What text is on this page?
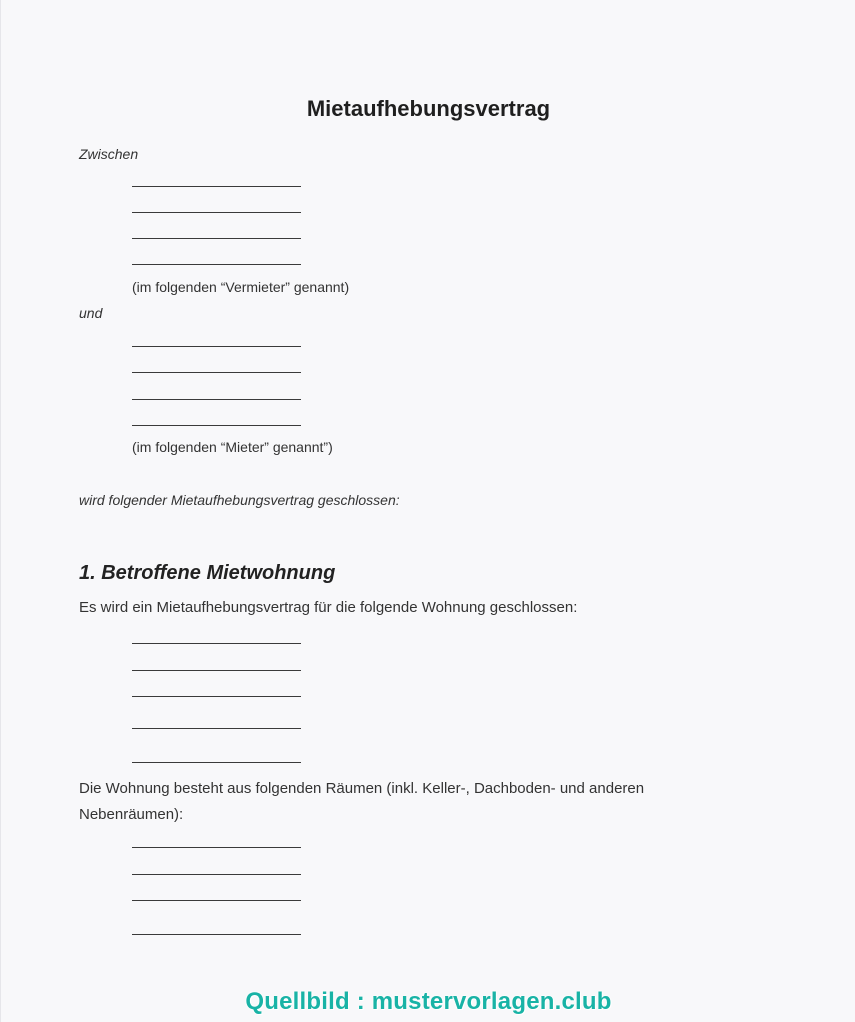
Mietaufhebungsvertrag
Zwischen
(im folgenden “Vermieter” genannt)
und
(im folgenden “Mieter” genannt”)
wird folgender Mietaufhebungsvertrag geschlossen:
1. Betroffene Mietwohnung
Es wird ein Mietaufhebungsvertrag für die folgende Wohnung geschlossen:
Die Wohnung besteht aus folgenden Räumen (inkl. Keller-, Dachboden- und anderen
Nebenräumen):
Quellbild : mustervorlagen.club
